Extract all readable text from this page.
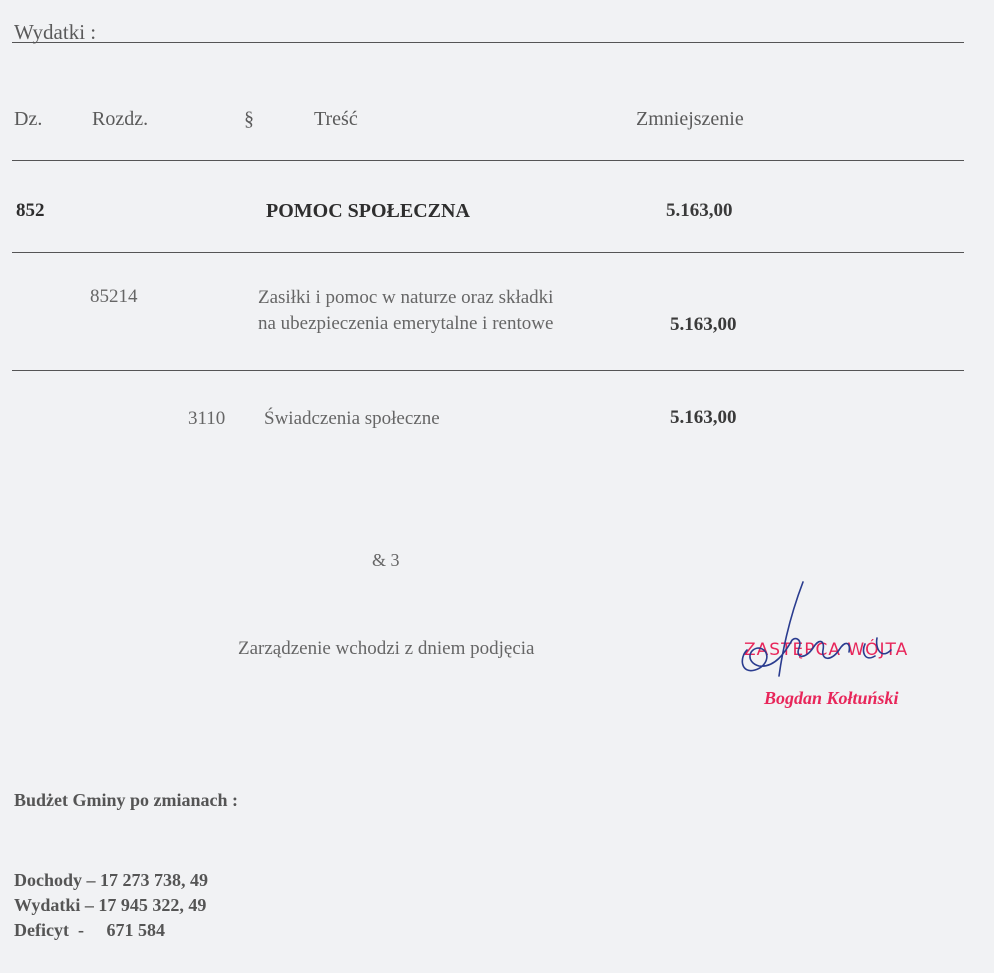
Wydatki :
Dz. Rozdz.	§	Treść	Zmniejszenie
852	POMOC SPOŁECZNA	5.163,00
85214	Zasiłki i pomoc w naturze oraz składki
na ubezpieczenia emerytalne i rentowe	5.163,00
3110 Świadczenia społeczne	5.163,00
& 3
Zarządzenie wchodzi z dniem podjęcia	ZASTĘPCA WÓJTA
Bogdan Kołtuński
Budżet Gminy po zmianach :
Dochody – 17 273 738, 49
Wydatki – 17 945 322, 49
Deficyt  -     671 584
